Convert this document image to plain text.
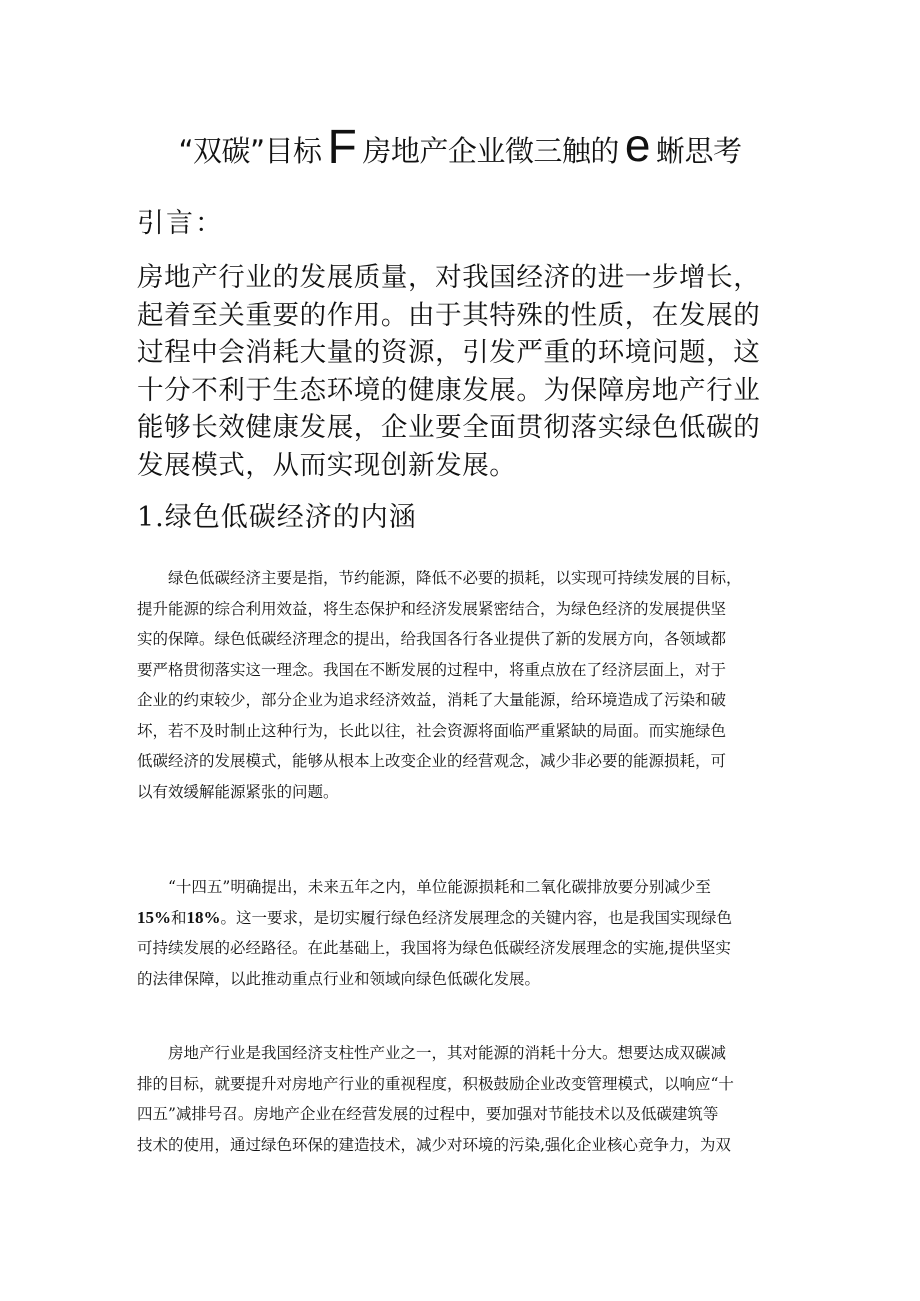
“双碳”目标 F 房地产企业徵三触的 e 蜥思考
引言：
房地产行业的发展质量，对我国经济的进一步增长，
起着至关重要的作用。由于其特殊的性质，在发展的
过程中会消耗大量的资源，引发严重的环境问题，这
十分不利于生态环境的健康发展。为保障房地产行业
能够长效健康发展，企业要全面贯彻落实绿色低碳的
发展模式，从而实现创新发展。
1.绿色低碳经济的内涵
绿色低碳经济主要是指，节约能源，降低不必要的损耗，以实现可持续发展的目标，
提升能源的综合利用效益，将生态保护和经济发展紧密结合，为绿色经济的发展提供坚
实的保障。绿色低碳经济理念的提出，给我国各行各业提供了新的发展方向，各领域都
要严格贯彻落实这一理念。我国在不断发展的过程中，将重点放在了经济层面上，对于
企业的约束较少，部分企业为追求经济效益，消耗了大量能源，给环境造成了污染和破
坏，若不及时制止这种行为，长此以往，社会资源将面临严重紧缺的局面。而实施绿色
低碳经济的发展模式，能够从根本上改变企业的经营观念，减少非必要的能源损耗，可
以有效缓解能源紧张的问题。
“十四五”明确提出，未来五年之内，单位能源损耗和二氧化碳排放要分别减少至
15%和18%。这一要求，是切实履行绿色经济发展理念的关键内容，也是我国实现绿色
可持续发展的必经路径。在此基础上，我国将为绿色低碳经济发展理念的实施,提供坚实
的法律保障，以此推动重点行业和领域向绿色低碳化发展。
房地产行业是我国经济支柱性产业之一，其对能源的消耗十分大。想要达成双碳减
排的目标，就要提升对房地产行业的重视程度，积极鼓励企业改变管理模式，以响应“十
四五”减排号召。房地产企业在经营发展的过程中，要加强对节能技术以及低碳建筑等
技术的使用，通过绿色环保的建造技术，减少对环境的污染,强化企业核心竞争力，为双
